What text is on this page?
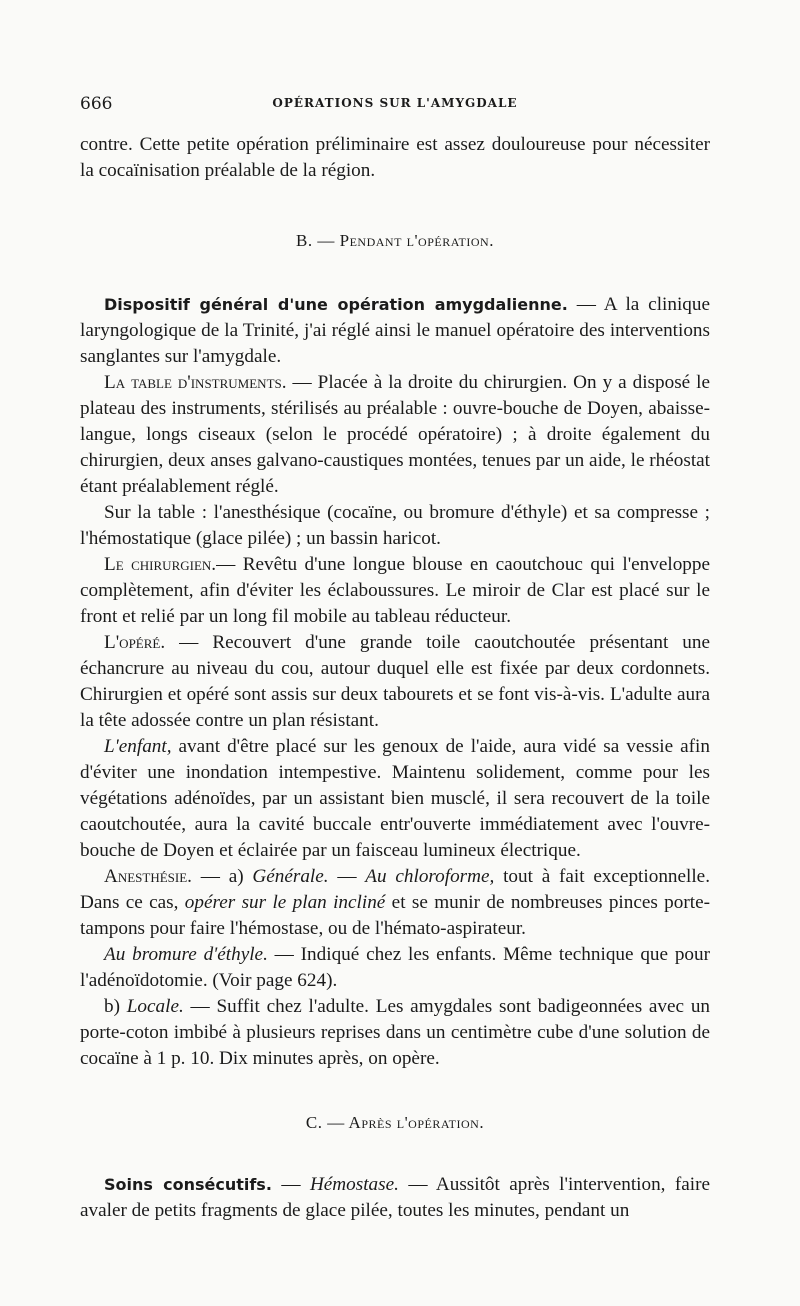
666	OPÉRATIONS SUR L'AMYGDALE

contre. Cette petite opération préliminaire est assez douloureuse pour nécessiter la cocaïnisation préalable de la région.

B. — Pendant l'opération.

Dispositif général d'une opération amygdalienne. — A la clinique laryngologique de la Trinité, j'ai réglé ainsi le manuel opératoire des interventions sanglantes sur l'amygdale.

La table d'instruments. — Placée à la droite du chirurgien. On y a disposé le plateau des instruments, stérilisés au préalable : ouvre-bouche de Doyen, abaisse-langue, longs ciseaux (selon le procédé opératoire) ; à droite également du chirurgien, deux anses galvano-caustiques montées, tenues par un aide, le rhéostat étant préalablement réglé.

Sur la table : l'anesthésique (cocaïne, ou bromure d'éthyle) et sa compresse ; l'hémostatique (glace pilée) ; un bassin haricot.

Le chirurgien.— Revêtu d'une longue blouse en caoutchouc qui l'enveloppe complètement, afin d'éviter les éclaboussures. Le miroir de Clar est placé sur le front et relié par un long fil mobile au tableau réducteur.

L'opéré. — Recouvert d'une grande toile caoutchoutée présentant une échancrure au niveau du cou, autour duquel elle est fixée par deux cordonnets. Chirurgien et opéré sont assis sur deux tabourets et se font vis-à-vis. L'adulte aura la tête adossée contre un plan résistant.

L'enfant, avant d'être placé sur les genoux de l'aide, aura vidé sa vessie afin d'éviter une inondation intempestive. Maintenu solidement, comme pour les végétations adénoïdes, par un assistant bien musclé, il sera recouvert de la toile caoutchoutée, aura la cavité buccale entr'ouverte immédiatement avec l'ouvre-bouche de Doyen et éclairée par un faisceau lumineux électrique.

Anesthésie. — a) Générale. — Au chloroforme, tout à fait exceptionnelle. Dans ce cas, opérer sur le plan incliné et se munir de nombreuses pinces porte-tampons pour faire l'hémostase, ou de l'hémato-aspirateur.

Au bromure d'éthyle. — Indiqué chez les enfants. Même technique que pour l'adénoïdotomie. (Voir page 624).

b) Locale. — Suffit chez l'adulte. Les amygdales sont badigeonnées avec un porte-coton imbibé à plusieurs reprises dans un centimètre cube d'une solution de cocaïne à 1 p. 10. Dix minutes après, on opère.

C. — Après l'opération.

Soins consécutifs. — Hémostase. — Aussitôt après l'intervention, faire avaler de petits fragments de glace pilée, toutes les minutes, pendant un
